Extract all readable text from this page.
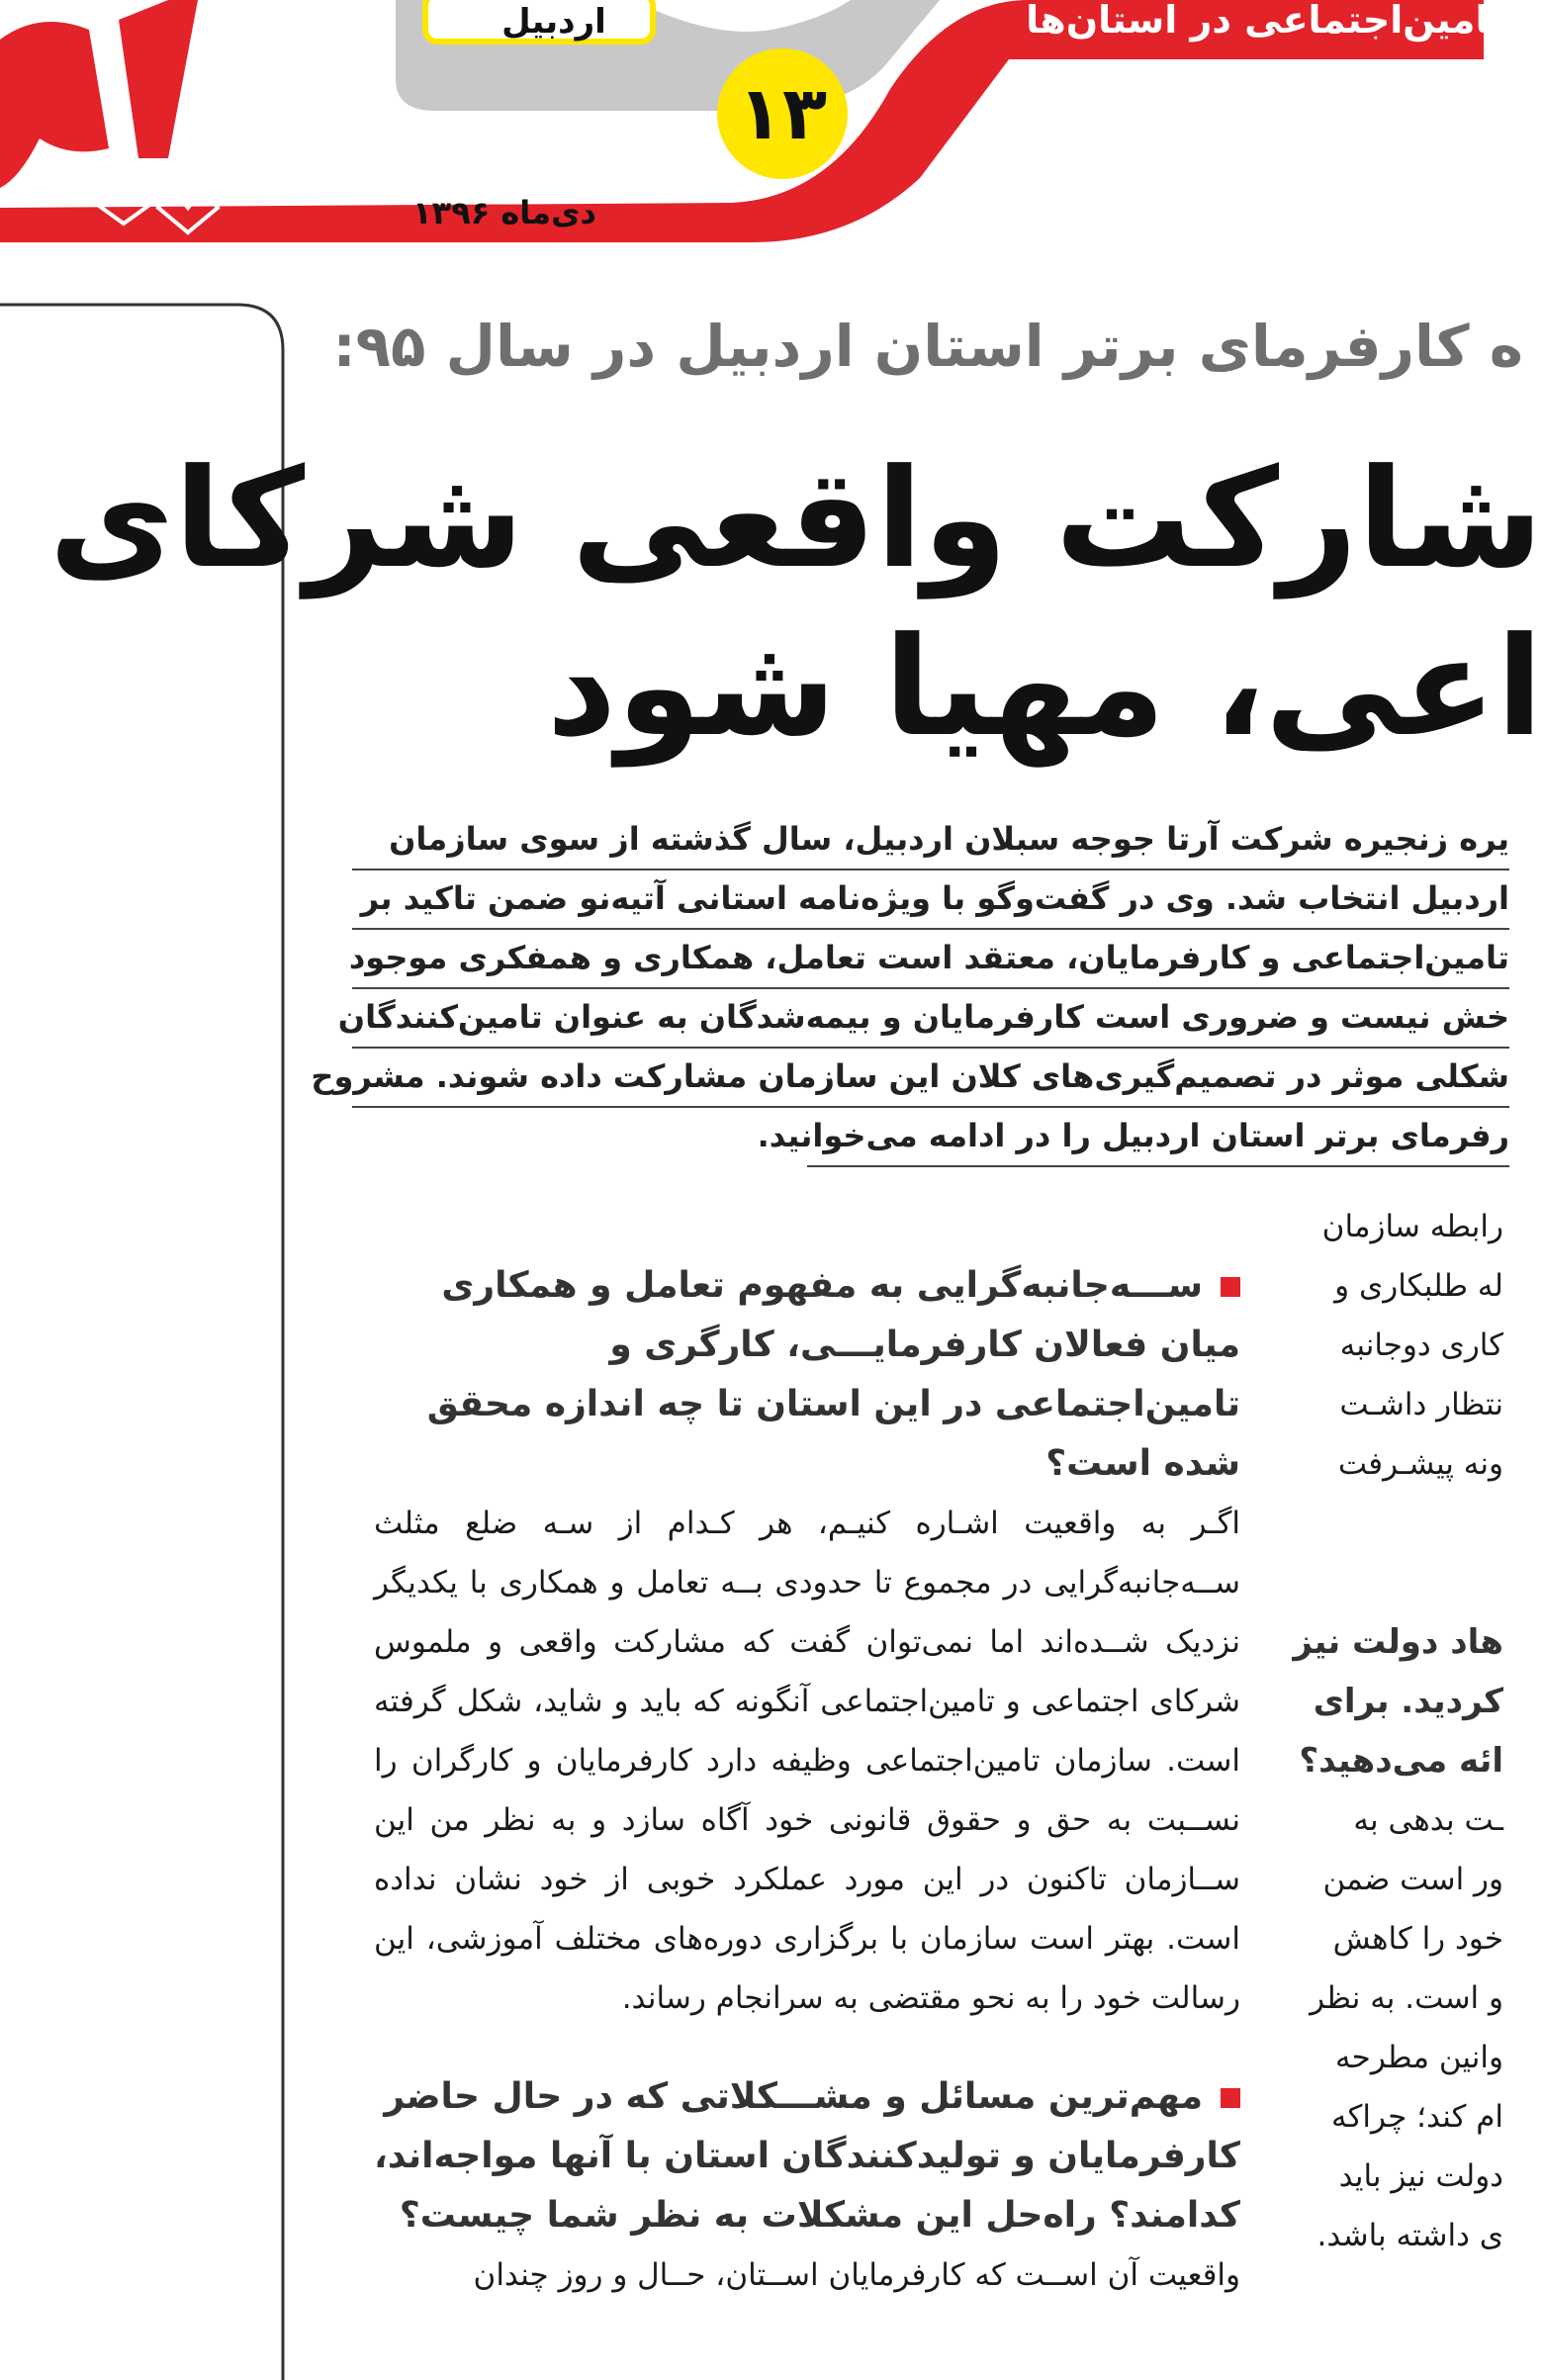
اردبیل
۱۳
دی‌ماه ۱۳۹۶
تامین‌اجتماعی در استان‌ها
ه کارفرمای برتر استان اردبیل در سال ۹۵:
شارکت واقعی شرکای
اعی، مهیا شود
یره زنجیره شرکت آرتا جوجه سبلان اردبیل، سال گذشته از سوی سازمان
اردبیل انتخاب شد. وی در گفت‌وگو با ویژه‌نامه استانی آتیه‌نو ضمن تاکید بر
تامین‌اجتماعی و کارفرمایان، معتقد است تعامل، همکاری و همفکری موجود
خش نیست و ضروری است کارفرمایان و بیمه‌شدگان به عنوان تامین‌کنندگان
شکلی موثر در تصمیم‌گیری‌های کلان این سازمان مشارکت داده شوند. مشروح
رفرمای برتر استان اردبیل را در ادامه می‌خوانید.

ســـه‌جانبه‌گرایی به مفهوم تعامل و همکاری میان فعالان کارفرمایـــی، کارگری و تامین‌اجتماعی در این استان تا چه اندازه محقق شده است؟

اگـر به واقعیت اشـاره کنیـم، هر کـدام از سـه ضلع مثلث ســه‌جانبه‌گرایی در مجموع تا حدودی بــه تعامل و همکاری با یکدیگر نزدیک شــده‌اند اما نمی‌توان گفت که مشارکت واقعی و ملموس شرکای اجتماعی و تامین‌اجتماعی آنگونه که باید و شاید، شکل گرفته است. سازمان تامین‌اجتماعی وظیفه دارد کارفرمایان و کارگران را نســبت به حق و حقوق قانونی خود آگاه سازد و به نظر من این ســازمان تاکنون در این مورد عملکرد خوبی از خود نشان نداده است. بهتر است سازمان با برگزاری دوره‌های مختلف آموزشی، این رسالت خود را به نحو مقتضی به سرانجام رساند.

مهم‌ترین مسائل و مشـــکلاتی که در حال حاضر کارفرمایان و تولیدکنندگان استان با آنها مواجه‌اند، کدامند؟ راه‌حل این مشکلات به نظر شما چیست؟

واقعیت آن اســت که کارفرمایان اســتان، حــال و روز چندان

رابطه سازمان
له طلبکاری و
کاری دوجانبه
نتظار داشـت
ونه پیشـرفت

هاد دولت نیز
کردید. برای
ائه می‌دهید؟
ـت بدهی به
ور است ضمن
خود را کاهش
و است. به نظر
وانین مطرحه
ام کند؛ چراکه
دولت نیز باید
ی داشته باشد.
